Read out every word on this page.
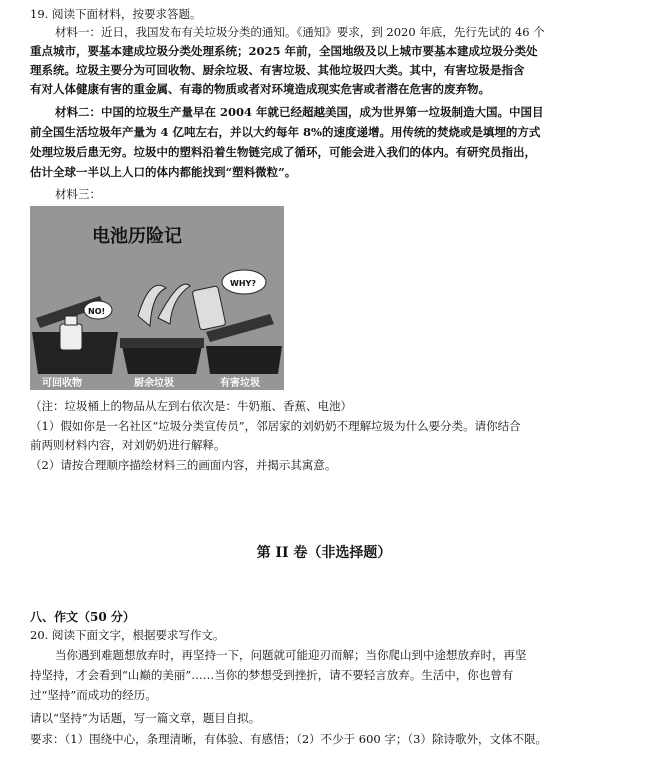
19. 阅读下面材料，按要求答题。
材料一：近日，我国发布有关垃圾分类的通知。《通知》要求，到 2020 年底，先行先试的 46 个
重点城市，要基本建成垃圾分类处理系统；2025 年前，全国地级及以上城市要基本建成垃圾分类处
理系统。垃圾主要分为可回收物、厨余垃圾、有害垃圾、其他垃圾四大类。其中，有害垃圾是指含
有对人体健康有害的重金属、有毒的物质或者对环境造成现实危害或者潜在危害的废弃物。
材料二：中国的垃圾生产量早在 2004 年就已经超越美国，成为世界第一垃圾制造大国。中国目
前全国生活垃圾年产量为 4 亿吨左右，并以大约每年 8%的速度递增。用传统的焚烧或是填埋的方式
处理垃圾后患无穷。垃圾中的塑料沿着生物链完成了循环，可能会进入我们的体内。有研究员指出，
估计全球一半以上人口的体内都能找到“塑料微粒”。
材料三：
电池历险记
NO!
WHY?
可回收物	厨余垃圾	有害垃圾
（注：垃圾桶上的物品从左到右依次是：牛奶瓶、香蕉、电池）
（1）假如你是一名社区“垃圾分类宣传员”，邻居家的刘奶奶不理解垃圾为什么要分类。请你结合
前两则材料内容，对刘奶奶进行解释。
（2）请按合理顺序描绘材料三的画面内容，并揭示其寓意。
第 II 卷（非选择题）
八、作文（50 分）
20. 阅读下面文字，根据要求写作文。
当你遇到难题想放弃时，再坚持一下，问题就可能迎刃而解；当你爬山到中途想放弃时，再坚
持坚持，才会看到“山巅的美丽”……当你的梦想受到挫折，请不要轻言放弃。生活中，你也曾有
过“坚持”而成功的经历。
请以“坚持”为话题，写一篇文章，题目自拟。
要求：（1）围绕中心，条理清晰，有体验、有感悟；（2）不少于 600 字；（3）除诗歌外，文体不限。
